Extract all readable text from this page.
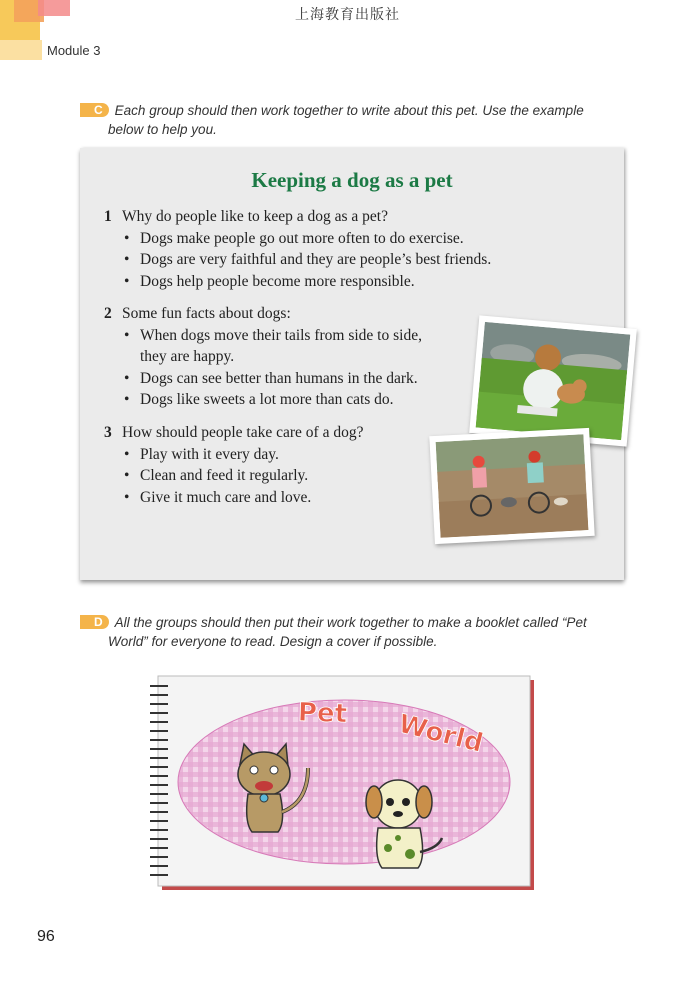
上海教育出版社
Module 3
C Each group should then work together to write about this pet. Use the example
below to help you.
Keeping a dog as a pet
1 Why do people like to keep a dog as a pet?
• Dogs make people go out more often to do exercise.
• Dogs are very faithful and they are people’s best friends.
• Dogs help people become more responsible.
2 Some fun facts about dogs:
• When dogs move their tails from side to side,
they are happy.
• Dogs can see better than humans in the dark.
• Dogs like sweets a lot more than cats do.
3 How should people take care of a dog?
• Play with it every day.
• Clean and feed it regularly.
• Give it much care and love.
D All the groups should then put their work together to make a booklet called “Pet
World” for everyone to read. Design a cover if possible.
Pet World
96
